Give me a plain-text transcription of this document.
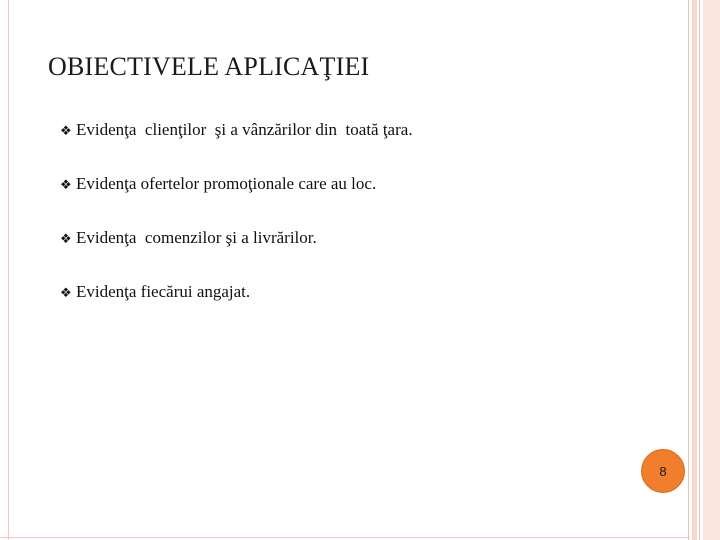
OBIECTIVELE APLICAŢIEI
❖ Evidenţa  clienţilor  şi a vânzărilor din  toată ţara.
❖ Evidenţa ofertelor promoţionale care au loc.
❖ Evidenţa  comenzilor şi a livrărilor.
❖ Evidenţa fiecărui angajat.
8
